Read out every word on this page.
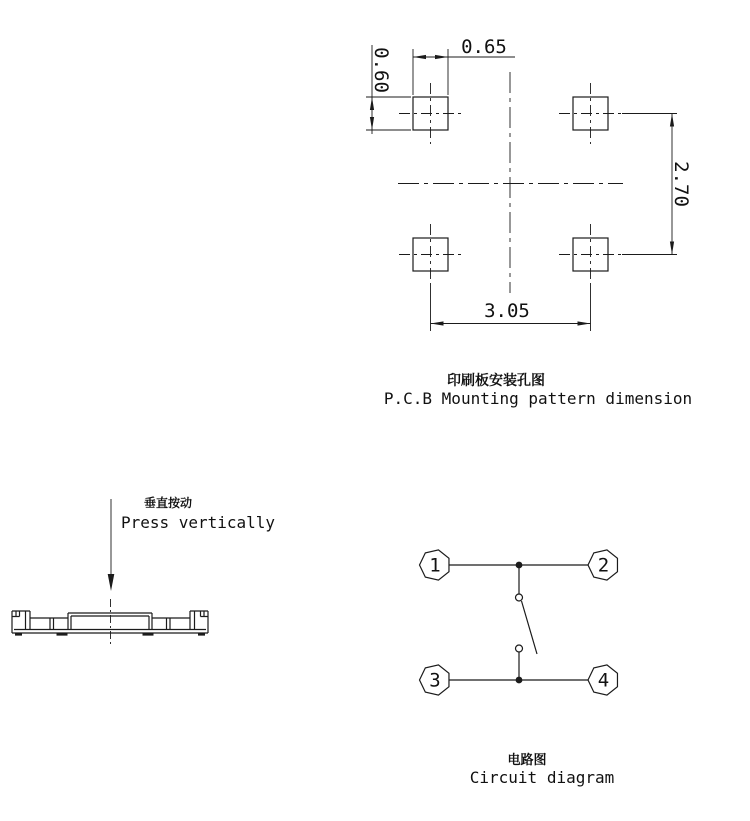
0.65
0.60
2.70
3.05
印刷板安装孔图
P.C.B Mounting pattern dimension
垂直按动
Press vertically
1	2
3	4
电路图
Circuit diagram
